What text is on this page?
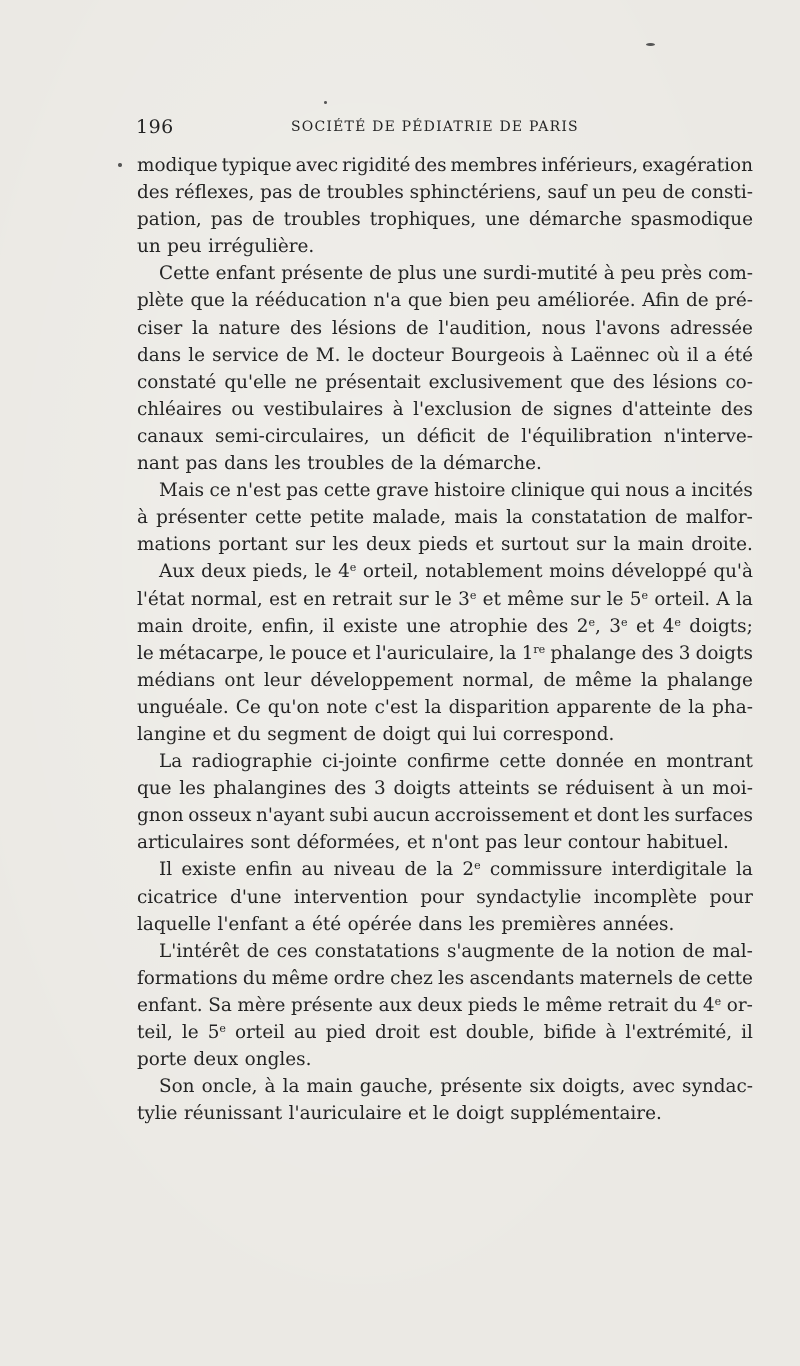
196	SOCIÉTÉ DE PÉDIATRIE DE PARIS
modique typique avec rigidité des membres inférieurs, exagération
des réflexes, pas de troubles sphinctériens, sauf un peu de consti-
pation, pas de troubles trophiques, une démarche spasmodique
un peu irrégulière.
Cette enfant présente de plus une surdi-mutité à peu près com-
plète que la rééducation n'a que bien peu améliorée. Afin de pré-
ciser la nature des lésions de l'audition, nous l'avons adressée
dans le service de M. le docteur Bourgeois à Laënnec où il a été
constaté qu'elle ne présentait exclusivement que des lésions co-
chléaires ou vestibulaires à l'exclusion de signes d'atteinte des
canaux semi-circulaires, un déficit de l'équilibration n'interve-
nant pas dans les troubles de la démarche.
Mais ce n'est pas cette grave histoire clinique qui nous a incités
à présenter cette petite malade, mais la constatation de malfor-
mations portant sur les deux pieds et surtout sur la main droite.
Aux deux pieds, le 4e orteil, notablement moins développé qu'à
l'état normal, est en retrait sur le 3e et même sur le 5e orteil. A la
main droite, enfin, il existe une atrophie des 2e, 3e et 4e doigts;
le métacarpe, le pouce et l'auriculaire, la 1re phalange des 3 doigts
médians ont leur développement normal, de même la phalange
unguéale. Ce qu'on note c'est la disparition apparente de la pha-
langine et du segment de doigt qui lui correspond.
La radiographie ci-jointe confirme cette donnée en montrant
que les phalangines des 3 doigts atteints se réduisent à un moi-
gnon osseux n'ayant subi aucun accroissement et dont les surfaces
articulaires sont déformées, et n'ont pas leur contour habituel.
Il existe enfin au niveau de la 2e commissure interdigitale la
cicatrice d'une intervention pour syndactylie incomplète pour
laquelle l'enfant a été opérée dans les premières années.
L'intérêt de ces constatations s'augmente de la notion de mal-
formations du même ordre chez les ascendants maternels de cette
enfant. Sa mère présente aux deux pieds le même retrait du 4e or-
teil, le 5e orteil au pied droit est double, bifide à l'extrémité, il
porte deux ongles.
Son oncle, à la main gauche, présente six doigts, avec syndac-
tylie réunissant l'auriculaire et le doigt supplémentaire.
